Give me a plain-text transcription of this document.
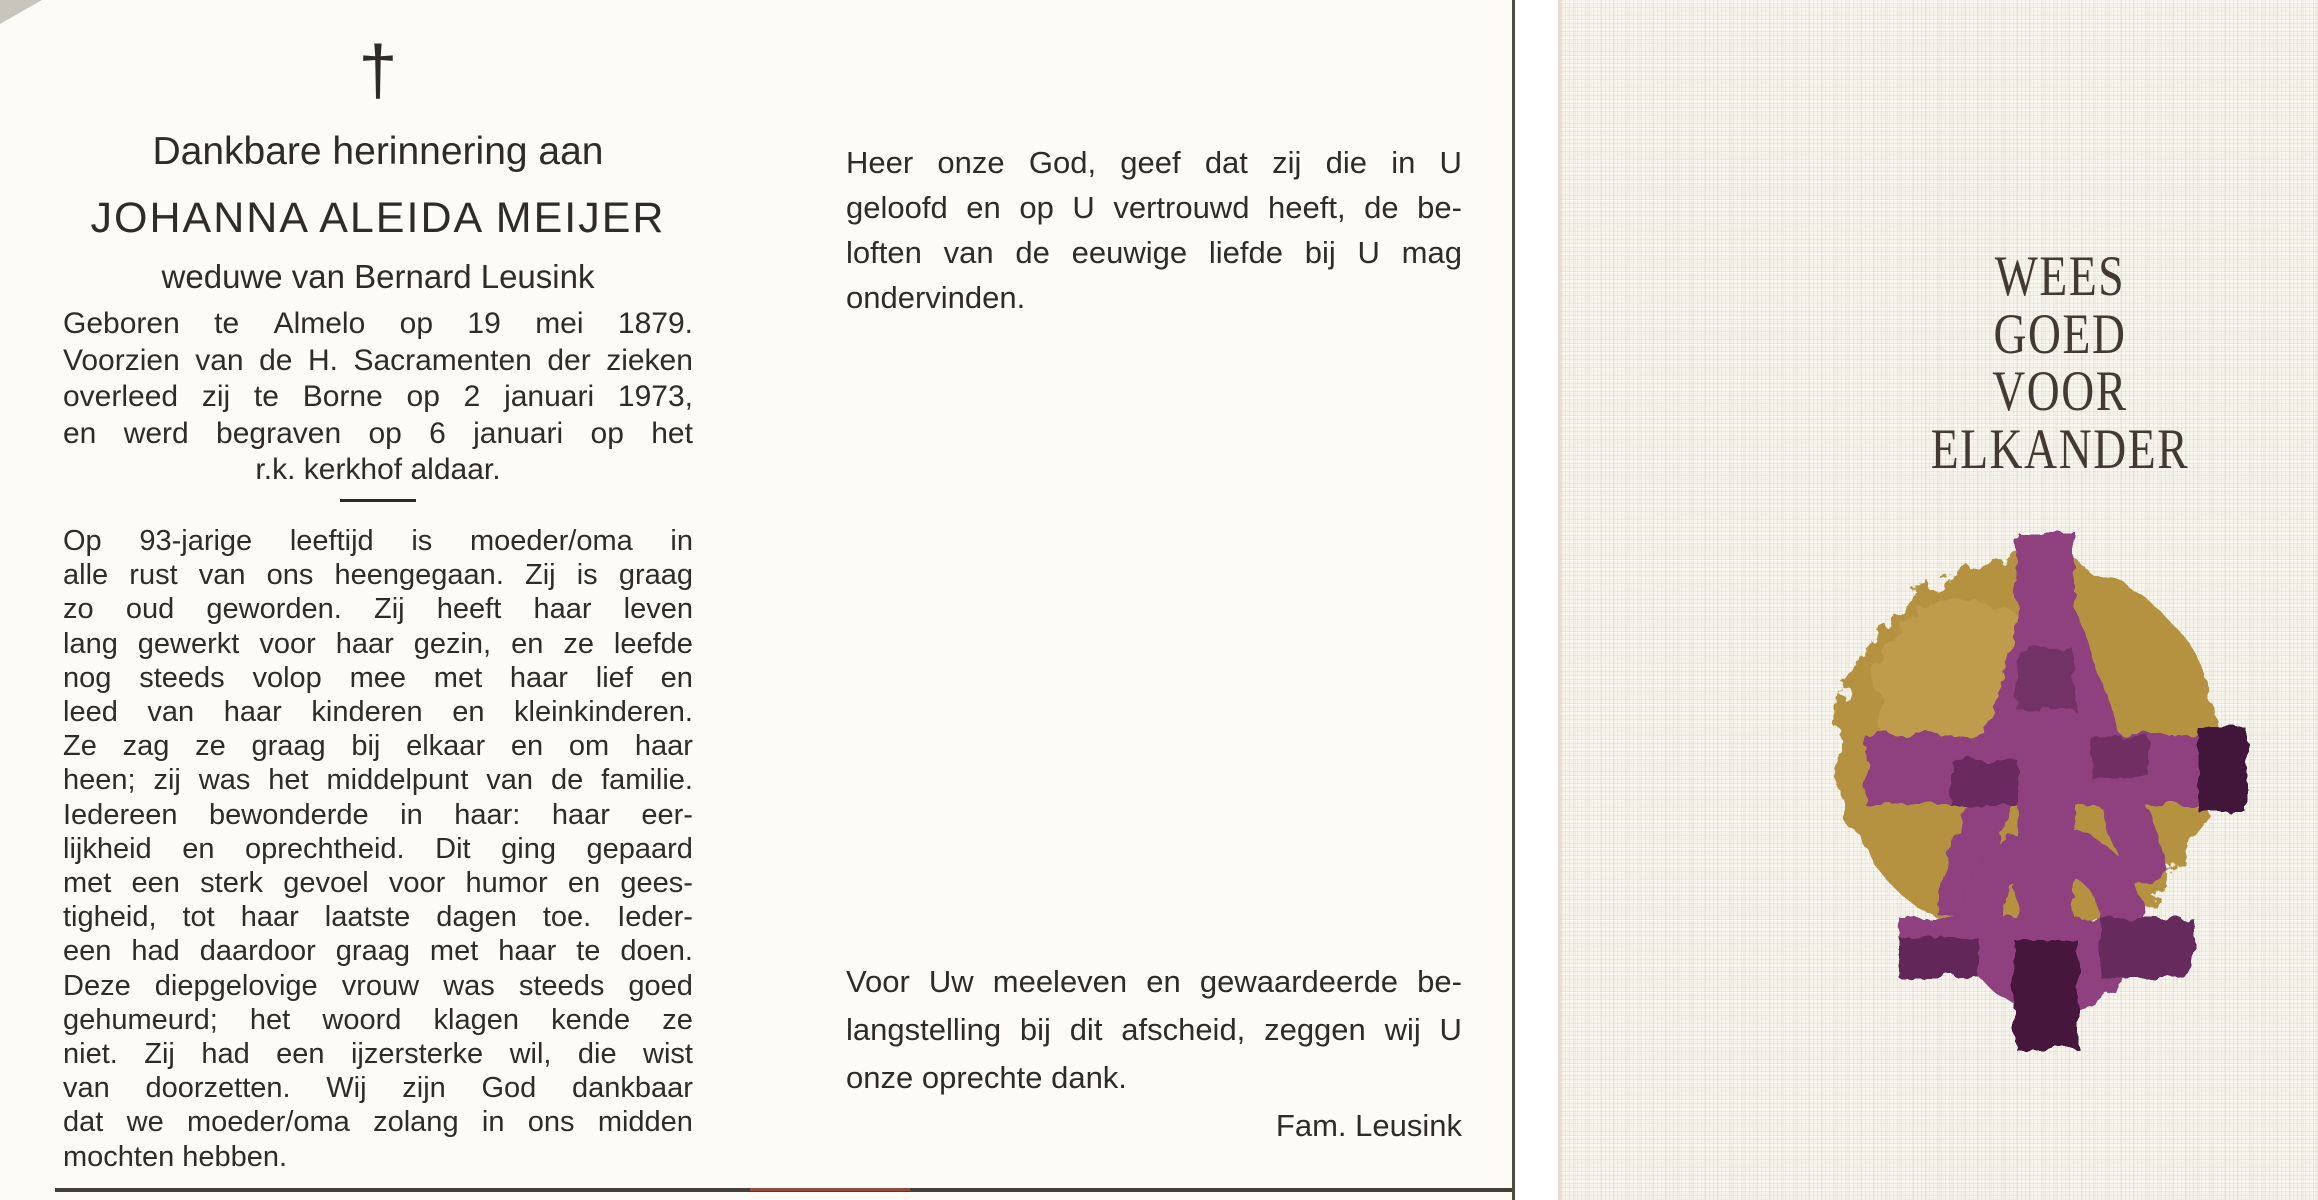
†
Dankbare herinnering aan
JOHANNA ALEIDA MEIJER
weduwe van Bernard Leusink
Geboren te Almelo op 19 mei 1879.
Voorzien van de H. Sacramenten der zieken
overleed zij te Borne op 2 januari 1973,
en werd begraven op 6 januari op het
r.k. kerkhof aldaar.
Op 93-jarige leeftijd is moeder/oma in
alle rust van ons heengegaan. Zij is graag
zo oud geworden. Zij heeft haar leven
lang gewerkt voor haar gezin, en ze leefde
nog steeds volop mee met haar lief en
leed van haar kinderen en kleinkinderen.
Ze zag ze graag bij elkaar en om haar
heen; zij was het middelpunt van de familie.
Iedereen bewonderde in haar: haar eer-
lijkheid en oprechtheid. Dit ging gepaard
met een sterk gevoel voor humor en gees-
tigheid, tot haar laatste dagen toe. Ieder-
een had daardoor graag met haar te doen.
Deze diepgelovige vrouw was steeds goed
gehumeurd; het woord klagen kende ze
niet. Zij had een ijzersterke wil, die wist
van doorzetten. Wij zijn God dankbaar
dat we moeder/oma zolang in ons midden
mochten hebben.
Heer onze God, geef dat zij die in U
geloofd en op U vertrouwd heeft, de be-
loften van de eeuwige liefde bij U mag
ondervinden.
Voor Uw meeleven en gewaardeerde be-
langstelling bij dit afscheid, zeggen wij U
onze oprechte dank.
Fam. Leusink
WEES
GOED
VOOR
ELKANDER
